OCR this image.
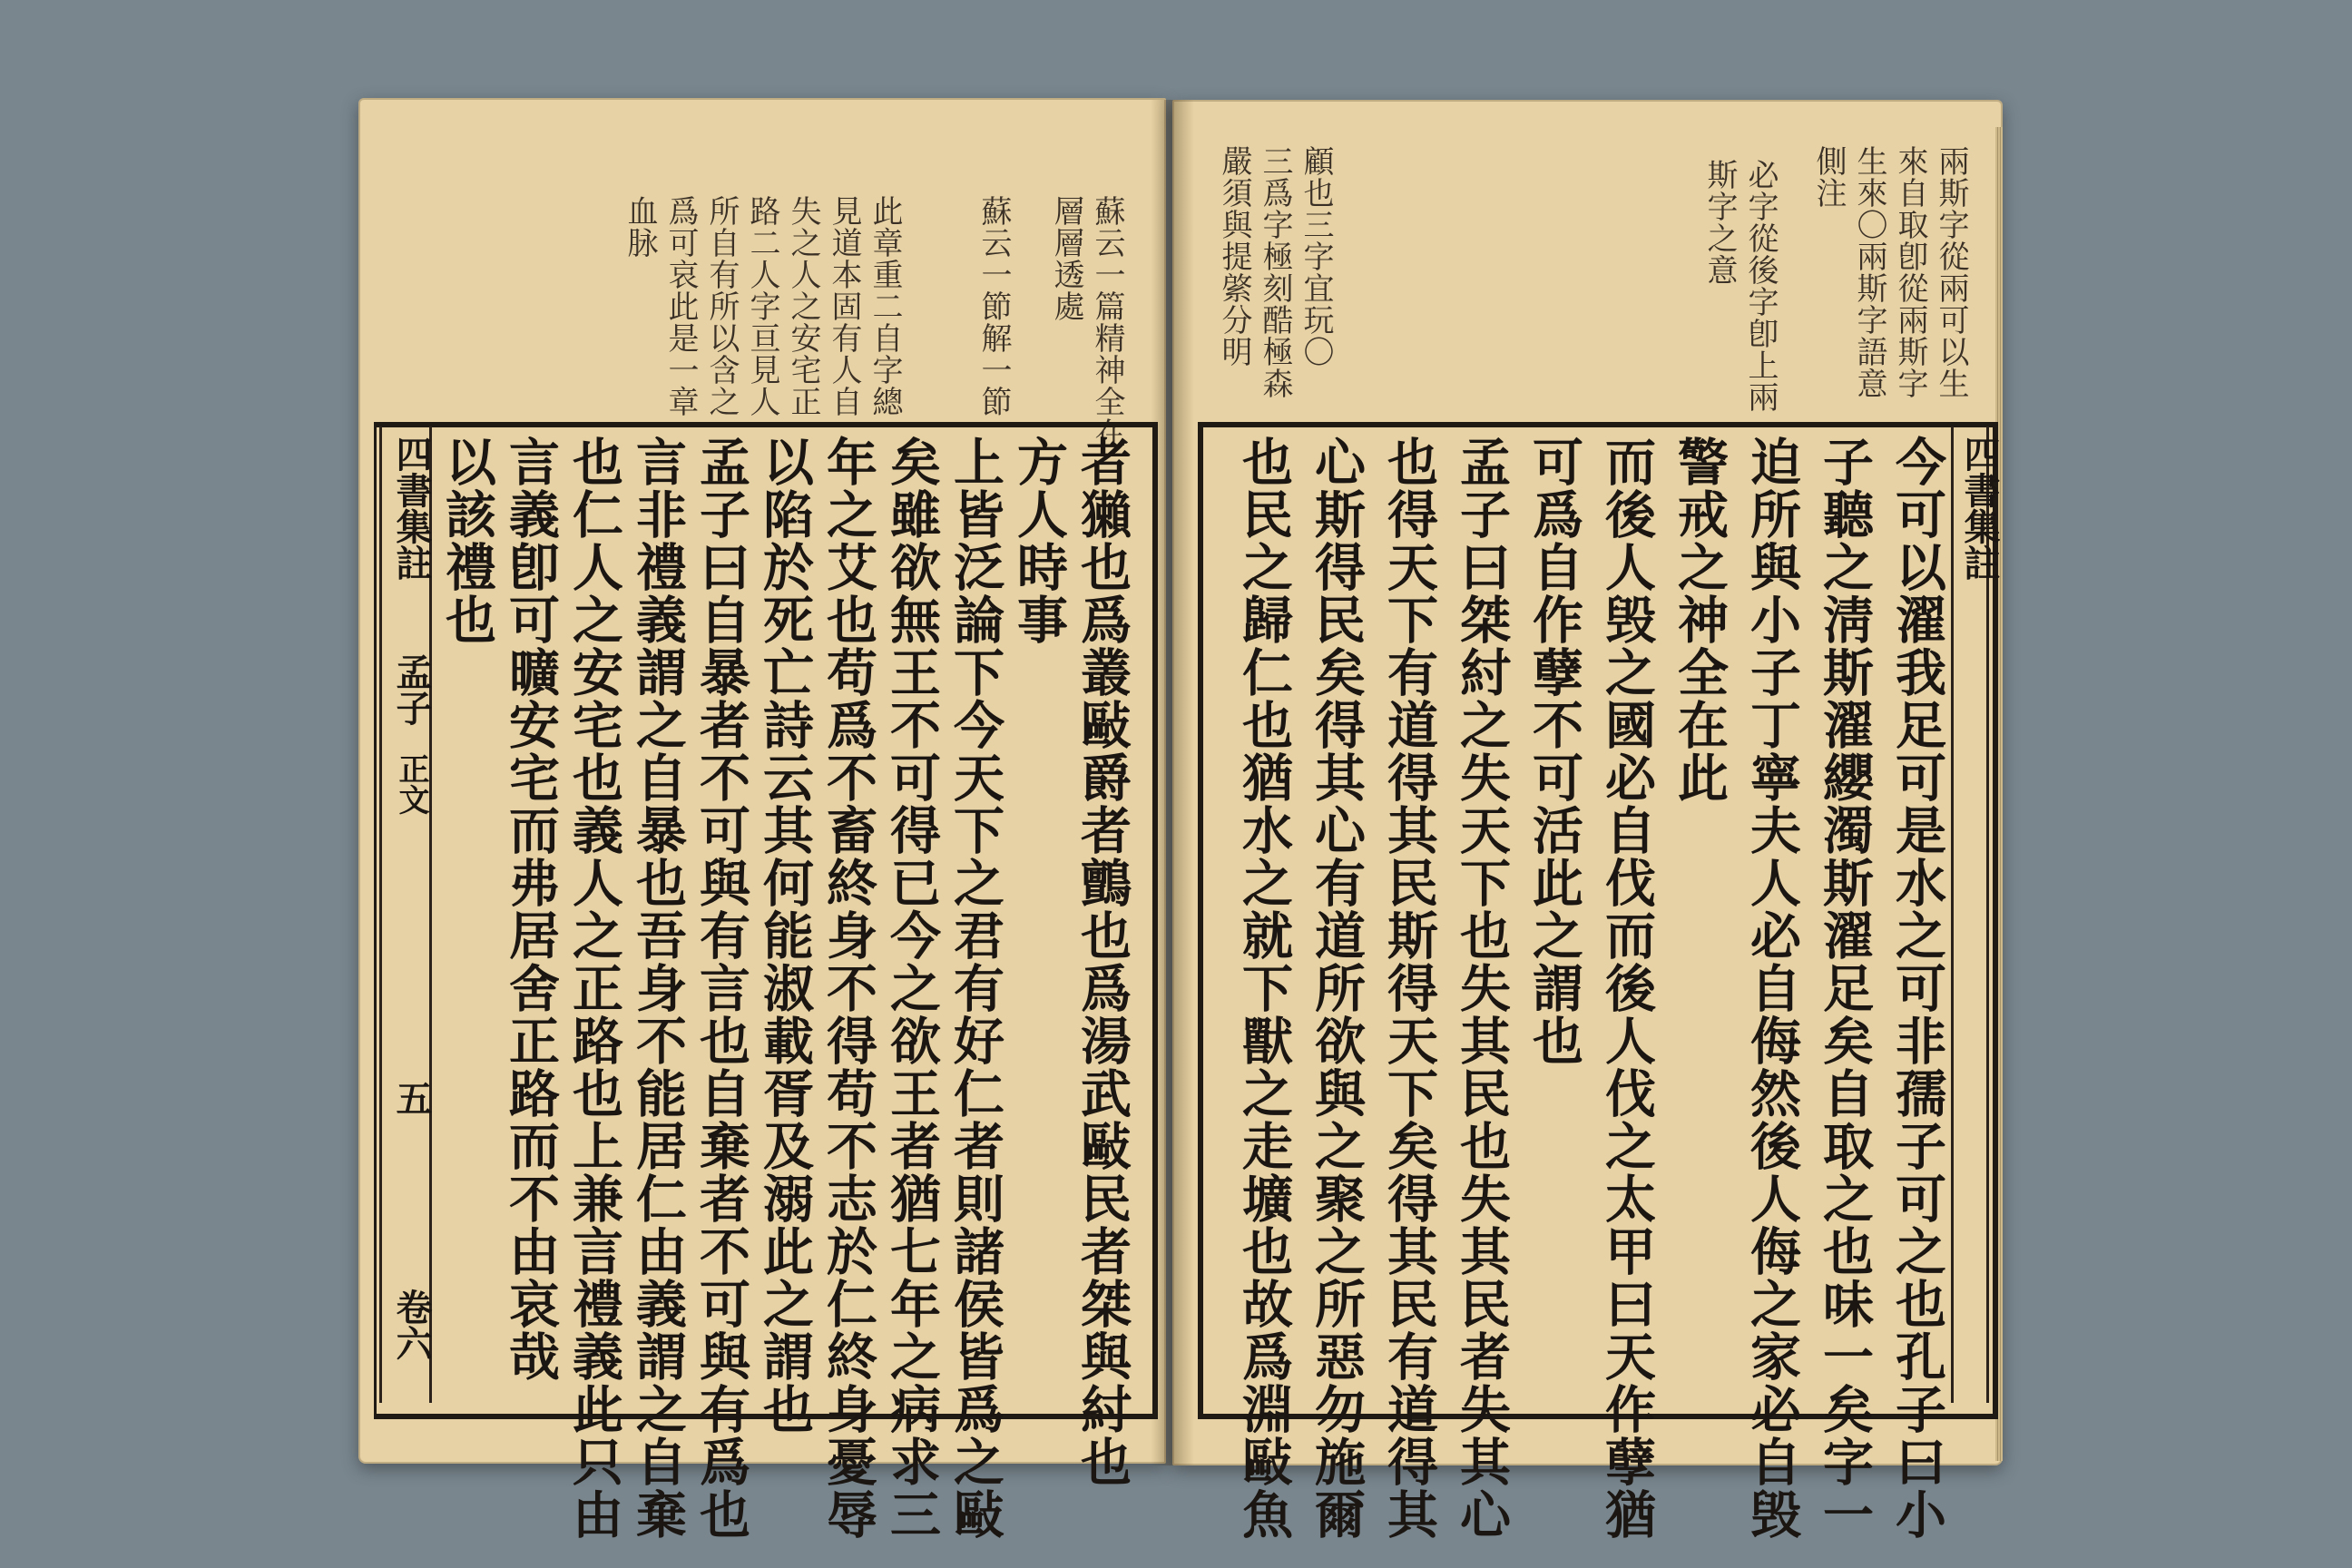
兩斯字從兩可以生
來自取卽從兩斯字
生來〇兩斯字語意
側注
必字從後字卽上兩
斯字之意
顧也三字宜玩〇
三爲字極刻酷極森
嚴須與提綮分明
四書集註
今可以濯我足可是水之可非孺子可之也孔子曰小
子聽之淸斯濯纓濁斯濯足矣自取之也味一矣字一
迫所與小子丁寧夫人必自侮然後人侮之家必自毁
警戒之神全在此
而後人毁之國必自伐而後人伐之太甲曰天作孽猶
可爲自作孽不可活此之謂也
孟子曰桀紂之失天下也失其民也失其民者失其心
也得天下有道得其民斯得天下矣得其民有道得其
心斯得民矣得其心有道所欲與之聚之所惡勿施爾
也民之歸仁也猶水之就下獸之走壙也故爲淵敺魚
蘇云一篇精神全在
層層透處
蘇云一節解一節
此章重二自字總
見道本固有人自
失之人之安宅正
路二人字亘見人
所自有所以含之
爲可哀此是一章
血脉
四書集註
孟子
正文
五
卷六	者獺也爲叢敺爵者鸇也爲湯武敺民者桀與紂也
方人時事
上皆泛論下今天下之君有好仁者則諸侯皆爲之敺
矣雖欲無王不可得已今之欲王者猶七年之病求三
年之艾也苟爲不畜終身不得苟不志於仁終身憂辱
以陷於死亡詩云其何能淑載胥及溺此之謂也
孟子曰自暴者不可與有言也自棄者不可與有爲也
言非禮義謂之自暴也吾身不能居仁由義謂之自棄
也仁人之安宅也義人之正路也上兼言禮義此只由
言義卽可曠安宅而弗居舍正路而不由哀哉
以該禮也
